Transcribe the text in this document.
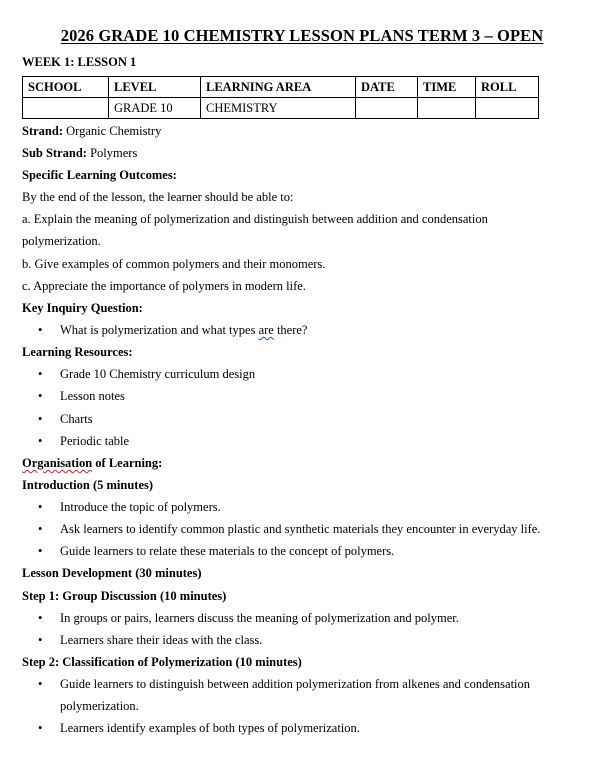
2026 GRADE 10 CHEMISTRY LESSON PLANS TERM 3 – OPEN
WEEK 1: LESSON 1
SCHOOL	LEVEL	LEARNING AREA	DATE	TIME	ROLL
	GRADE 10	CHEMISTRY			
Strand: Organic Chemistry
Sub Strand: Polymers
Specific Learning Outcomes:
By the end of the lesson, the learner should be able to:
a. Explain the meaning of polymerization and distinguish between addition and condensation
polymerization.
b. Give examples of common polymers and their monomers.
c. Appreciate the importance of polymers in modern life.
Key Inquiry Question:
• What is polymerization and what types are there?
Learning Resources:
• Grade 10 Chemistry curriculum design
• Lesson notes
• Charts
• Periodic table
Organisation of Learning:
Introduction (5 minutes)
• Introduce the topic of polymers.
• Ask learners to identify common plastic and synthetic materials they encounter in everyday life.
• Guide learners to relate these materials to the concept of polymers.
Lesson Development (30 minutes)
Step 1: Group Discussion (10 minutes)
• In groups or pairs, learners discuss the meaning of polymerization and polymer.
• Learners share their ideas with the class.
Step 2: Classification of Polymerization (10 minutes)
• Guide learners to distinguish between addition polymerization from alkenes and condensation
polymerization.
• Learners identify examples of both types of polymerization.
